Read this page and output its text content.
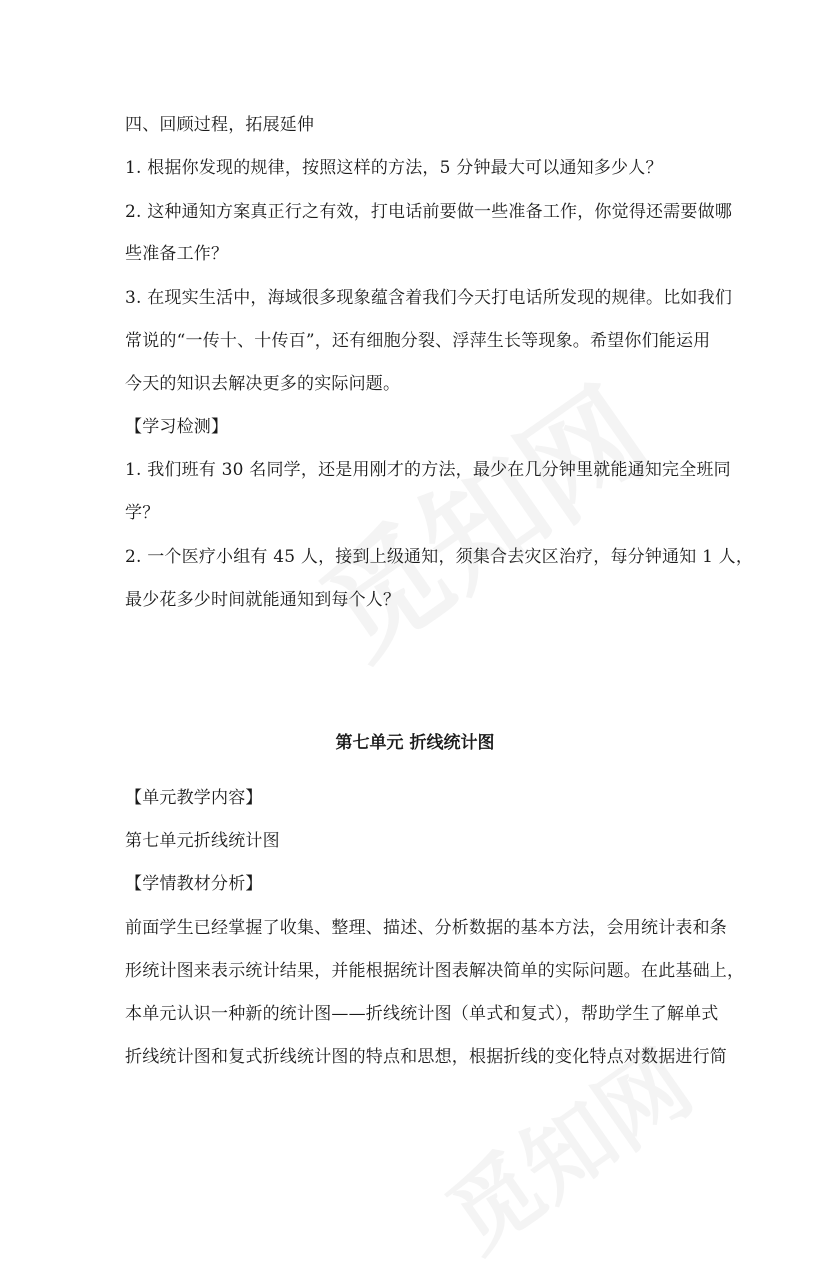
四、回顾过程，拓展延伸
1. 根据你发现的规律，按照这样的方法，5 分钟最大可以通知多少人？
2. 这种通知方案真正行之有效，打电话前要做一些准备工作，你觉得还需要做哪
些准备工作？
3. 在现实生活中，海域很多现象蕴含着我们今天打电话所发现的规律。比如我们
常说的“一传十、十传百”，还有细胞分裂、浮萍生长等现象。希望你们能运用
今天的知识去解决更多的实际问题。
【学习检测】
1. 我们班有 30 名同学，还是用刚才的方法，最少在几分钟里就能通知完全班同
学？
2. 一个医疗小组有 45 人，接到上级通知，须集合去灾区治疗，每分钟通知 1 人，
最少花多少时间就能通知到每个人？
第七单元 折线统计图
【单元教学内容】
第七单元折线统计图
【学情教材分析】
前面学生已经掌握了收集、整理、描述、分析数据的基本方法，会用统计表和条
形统计图来表示统计结果，并能根据统计图表解决简单的实际问题。在此基础上，
本单元认识一种新的统计图——折线统计图（单式和复式），帮助学生了解单式
折线统计图和复式折线统计图的特点和思想，根据折线的变化特点对数据进行简
